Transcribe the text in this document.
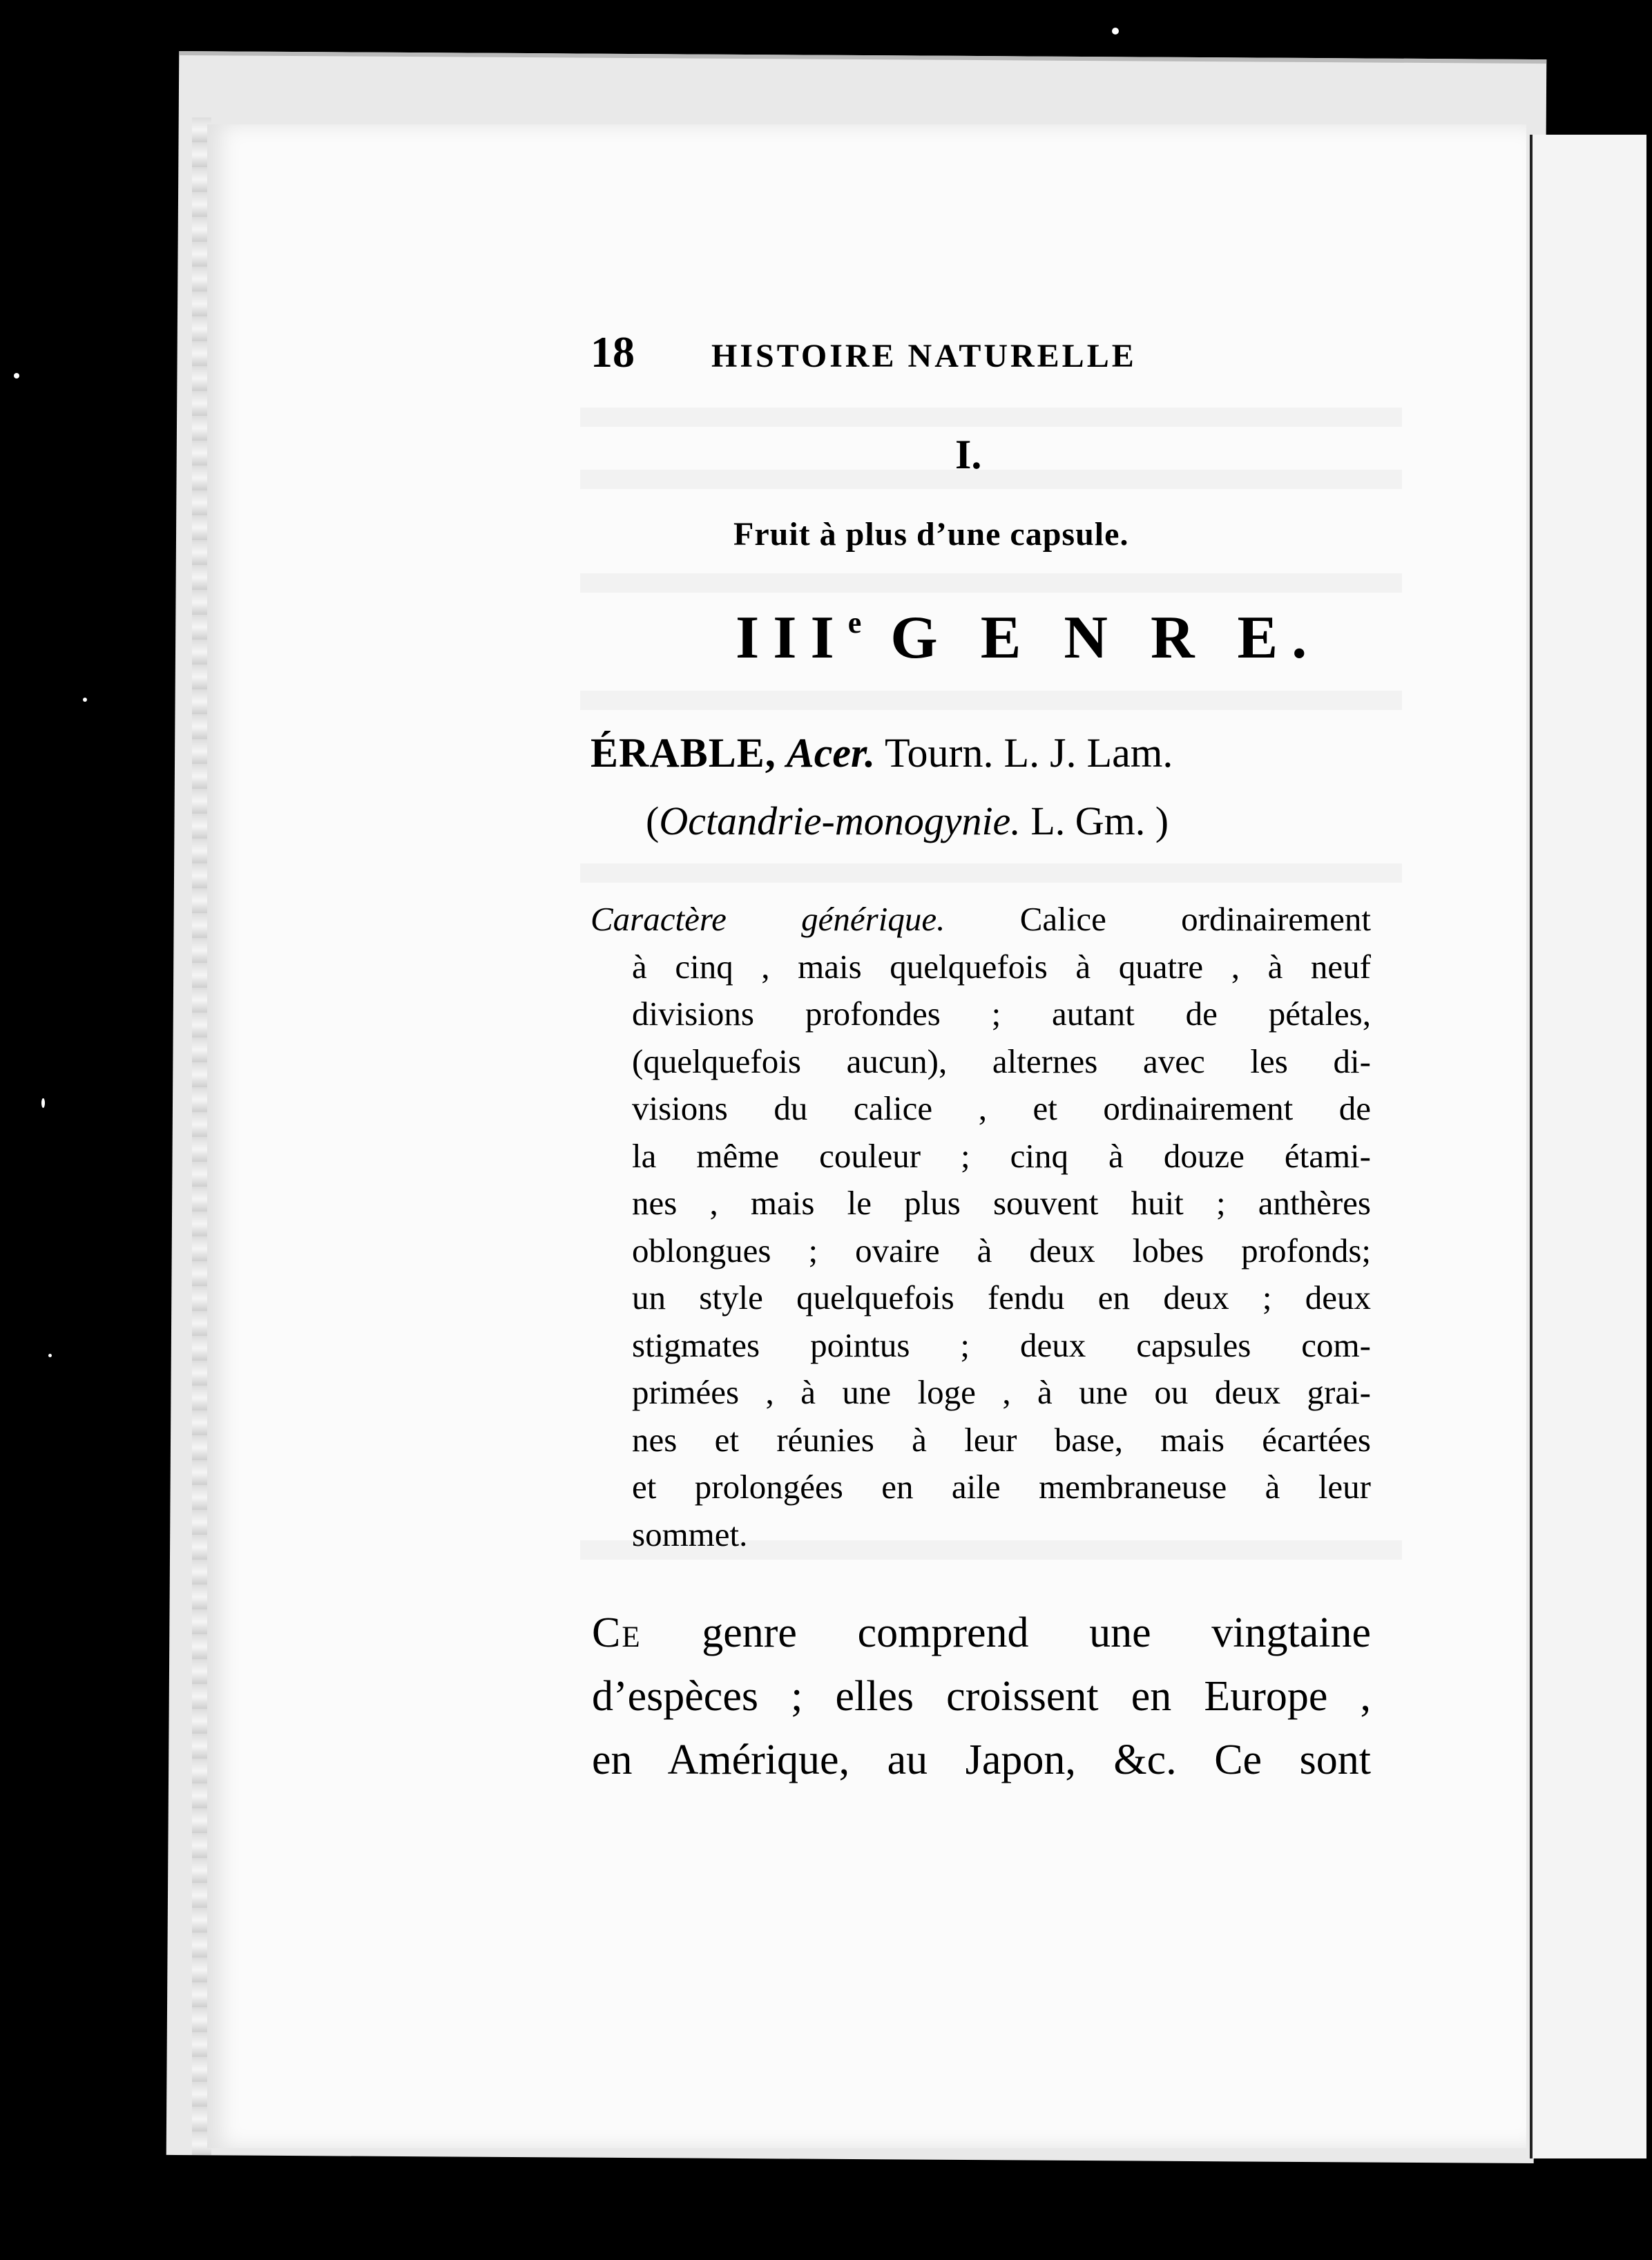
18 HISTOIRE NATURELLE
I.
Fruit à plus d’une capsule.
IIIe G E N R E.
ÉRABLE, Acer. Tourn. L. J. Lam.
(Octandrie-monogynie. L. Gm. )
Caractère générique. Calice ordinairement
à cinq , mais quelquefois à quatre , à neuf
divisions profondes ; autant de pétales,
(quelquefois aucun), alternes avec les di-
visions du calice , et ordinairement de
la même couleur ; cinq à douze étami-
nes , mais le plus souvent huit ; anthères
oblongues ; ovaire à deux lobes profonds;
un style quelquefois fendu en deux ; deux
stigmates pointus ; deux capsules com-
primées , à une loge , à une ou deux grai-
nes et réunies à leur base, mais écartées
et prolongées en aile membraneuse à leur
sommet.
Ce genre comprend une vingtaine
d’espèces ; elles croissent en Europe ,
en Amérique, au Japon, &c. Ce sont
